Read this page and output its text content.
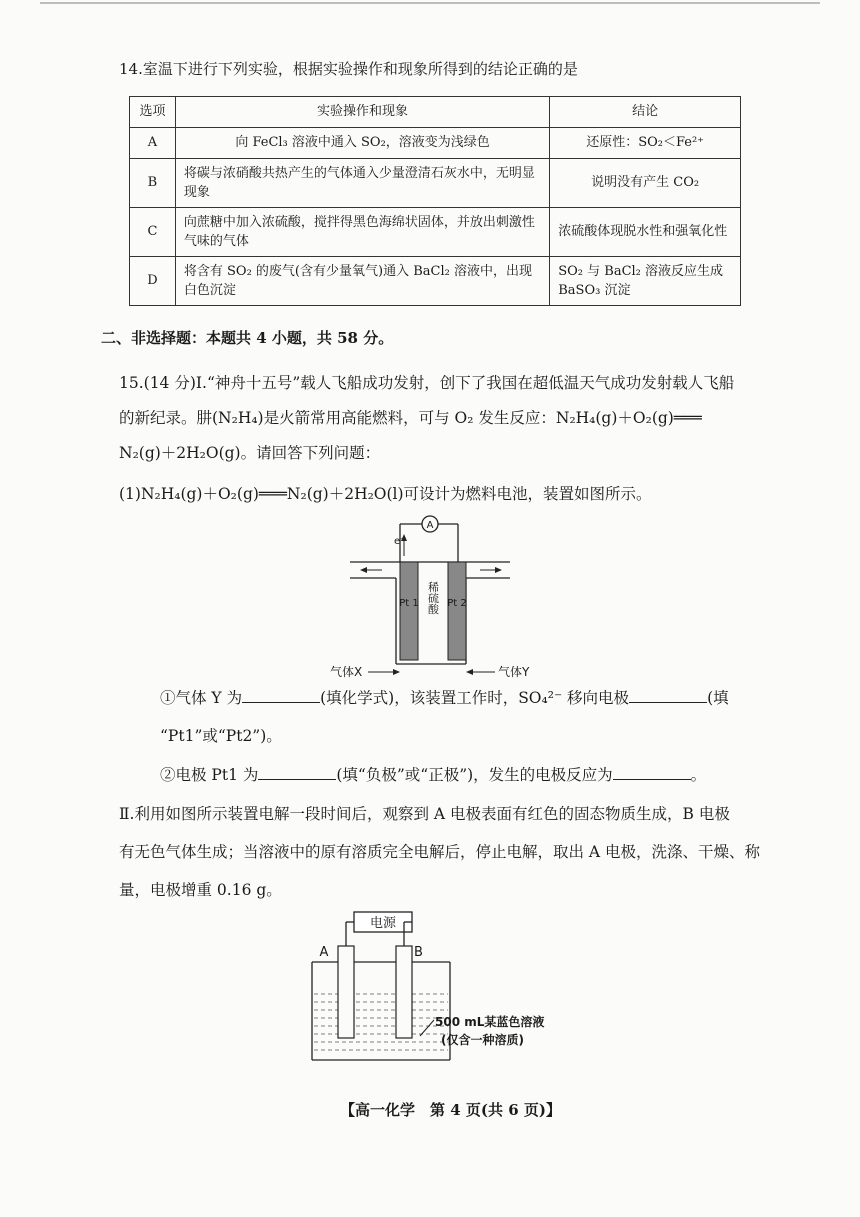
14.室温下进行下列实验，根据实验操作和现象所得到的结论正确的是
选项	实验操作和现象	结论
A	向 FeCl₃ 溶液中通入 SO₂，溶液变为浅绿色	还原性：SO₂＜Fe²⁺
B	将碳与浓硝酸共热产生的气体通入少量澄清石灰水中，无明显现象	说明没有产生 CO₂
C	向蔗糖中加入浓硫酸，搅拌得黑色海绵状固体，并放出刺激性气味的气体	浓硫酸体现脱水性和强氧化性
D	将含有 SO₂ 的废气(含有少量氧气)通入 BaCl₂ 溶液中，出现白色沉淀	SO₂ 与 BaCl₂ 溶液反应生成 BaSO₃ 沉淀
二、非选择题：本题共 4 小题，共 58 分。
15.(14 分)Ⅰ.“神舟十五号”载人飞船成功发射，创下了我国在超低温天气成功发射载人飞船
的新纪录。肼(N₂H₄)是火箭常用高能燃料，可与 O₂ 发生反应：N₂H₄(g)＋O₂(g)═══
N₂(g)＋2H₂O(g)。请回答下列问题：
(1)N₂H₄(g)＋O₂(g)═══N₂(g)＋2H₂O(l)可设计为燃料电池，装置如图所示。
A
e⁻
Pt 1	Pt 2
稀硫酸
气体X	气体Y
①气体 Y 为	(填化学式)，该装置工作时，SO₄²⁻ 移向电极	(填
“Pt1”或“Pt2”)。
②电极 Pt1 为	(填“负极”或“正极”)，发生的电极反应为	。
Ⅱ.利用如图所示装置电解一段时间后，观察到 A 电极表面有红色的固态物质生成，B 电极
有无色气体生成；当溶液中的原有溶质完全电解后，停止电解，取出 A 电极，洗涤、干燥、称
量，电极增重 0.16 g。
电源
A	B
500 mL某蓝色溶液
(仅含一种溶质)
【高一化学　第 4 页(共 6 页)】
